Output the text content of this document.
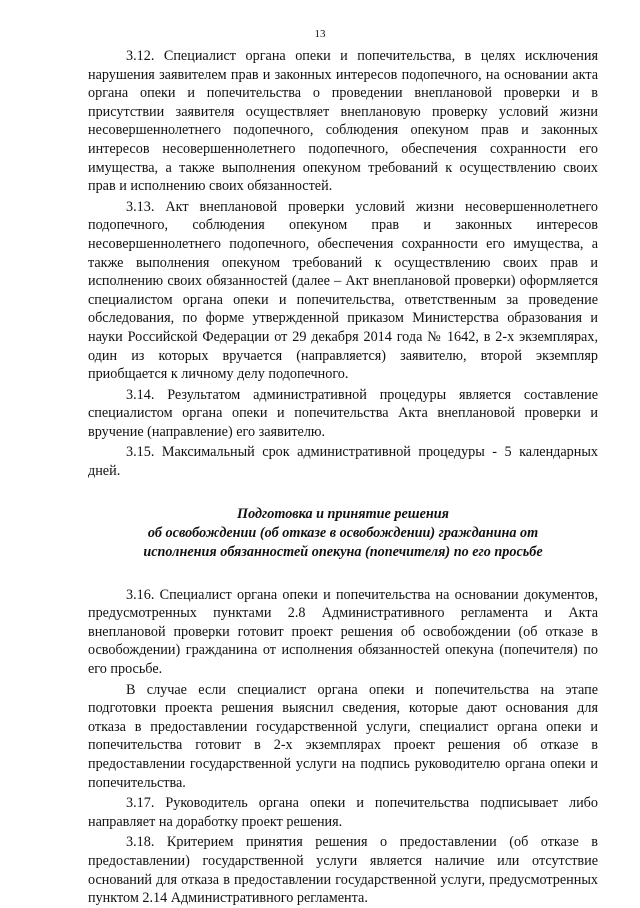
13

3.12. Специалист органа опеки и попечительства, в целях исключения нарушения заявителем прав и законных интересов подопечного, на основании акта органа опеки и попечительства о проведении внеплановой проверки и в присутствии заявителя осуществляет внеплановую проверку условий жизни несовершеннолетнего подопечного, соблюдения опекуном прав и законных интересов несовершеннолетнего подопечного, обеспечения сохранности его имущества, а также выполнения опекуном требований к осуществлению своих прав и исполнению своих обязанностей.

3.13. Акт внеплановой проверки условий жизни несовершеннолетнего подопечного, соблюдения опекуном прав и законных интересов несовершеннолетнего подопечного, обеспечения сохранности его имущества, а также выполнения опекуном требований к осуществлению своих прав и исполнению своих обязанностей (далее – Акт внеплановой проверки) оформляется специалистом органа опеки и попечительства, ответственным за проведение обследования, по форме утвержденной приказом Министерства образования и науки Российской Федерации от 29 декабря 2014 года № 1642, в 2-х экземплярах, один из которых вручается (направляется) заявителю, второй экземпляр приобщается к личному делу подопечного.

3.14. Результатом административной процедуры является составление специалистом органа опеки и попечительства Акта внеплановой проверки и вручение (направление) его заявителю.

3.15. Максимальный срок административной процедуры - 5 календарных дней.

Подготовка и принятие решения
об освобождении (об отказе в освобождении) гражданина от
исполнения обязанностей опекуна (попечителя) по его просьбе

3.16. Специалист органа опеки и попечительства на основании документов, предусмотренных пунктами 2.8 Административного регламента и Акта внеплановой проверки готовит проект решения об освобождении (об отказе в освобождении) гражданина от исполнения обязанностей опекуна (попечителя) по его просьбе.

В случае если специалист органа опеки и попечительства на этапе подготовки проекта решения выяснил сведения, которые дают основания для отказа в предоставлении государственной услуги, специалист органа опеки и попечительства готовит в 2-х экземплярах проект решения об отказе в предоставлении государственной услуги на подпись руководителю органа опеки и попечительства.

3.17. Руководитель органа опеки и попечительства подписывает либо направляет на доработку проект решения.

3.18. Критерием принятия решения о предоставлении (об отказе в предоставлении) государственной услуги является наличие или отсутствие оснований для отказа в предоставлении государственной услуги, предусмотренных пунктом 2.14 Административного регламента.
